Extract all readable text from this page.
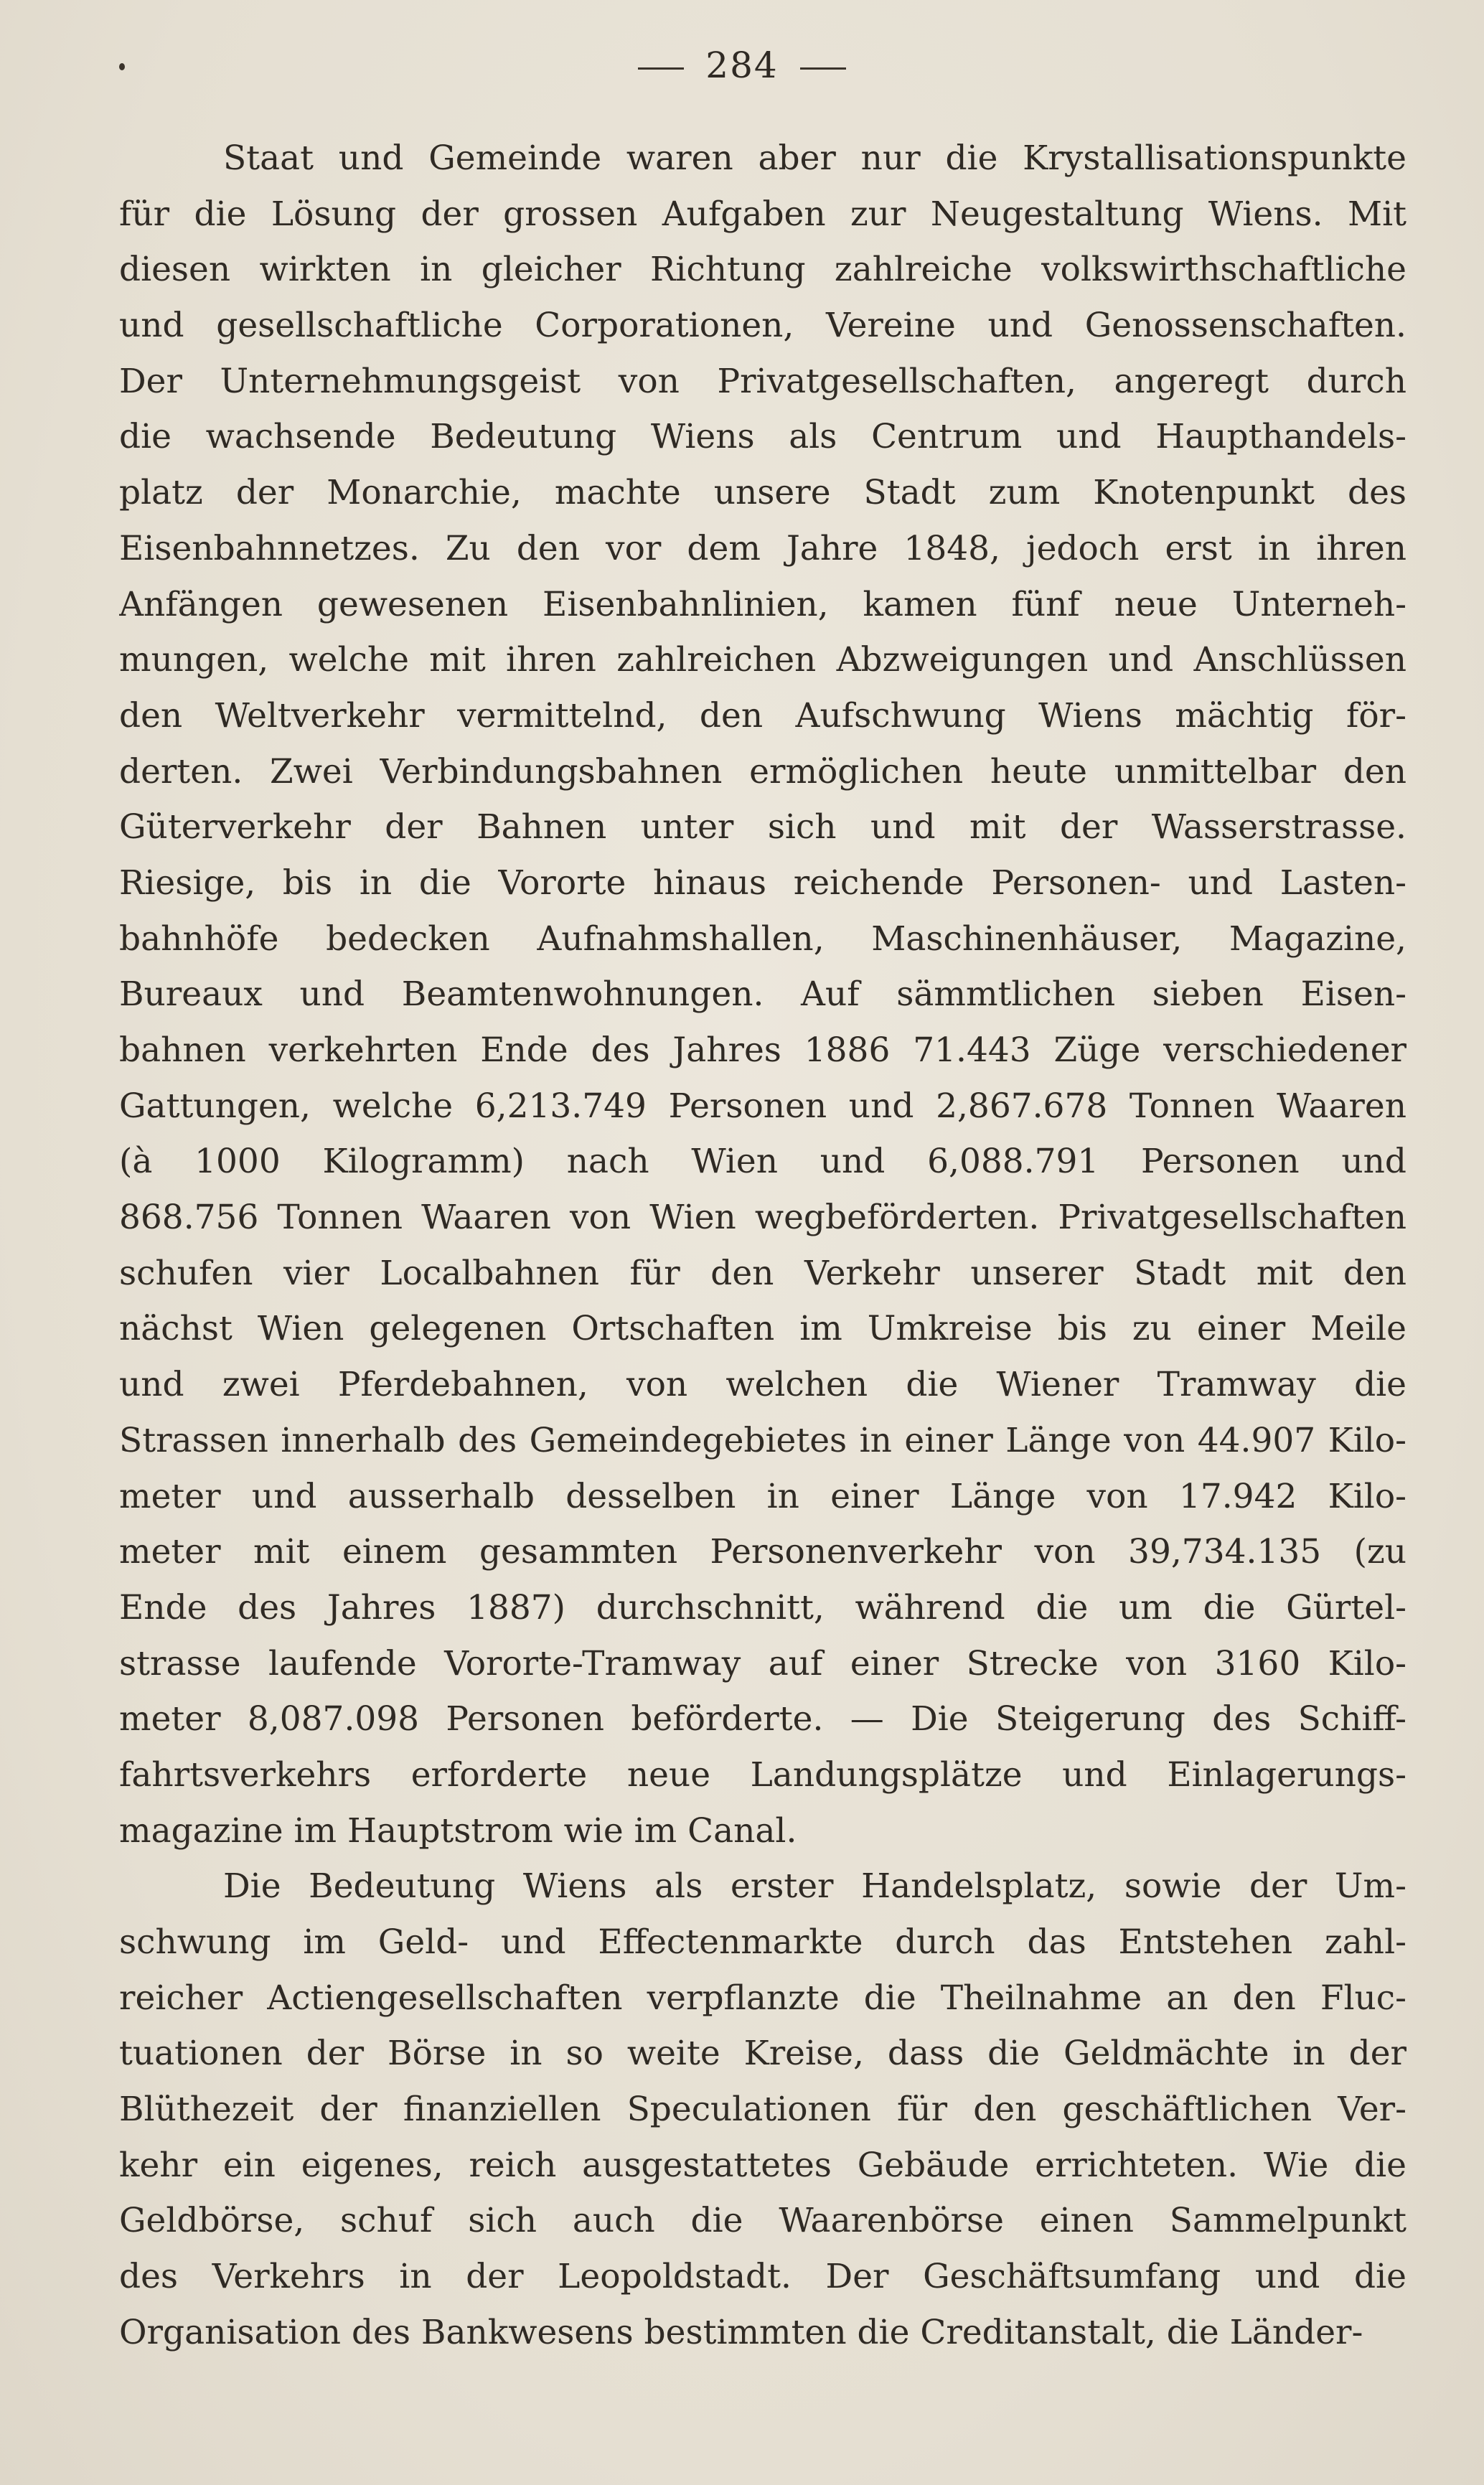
284
Staat und Gemeinde waren aber nur die Krystallisationspunkte
für die Lösung der grossen Aufgaben zur Neugestaltung Wiens. Mit
diesen wirkten in gleicher Richtung zahlreiche volkswirthschaftliche
und gesellschaftliche Corporationen, Vereine und Genossenschaften.
Der Unternehmungsgeist von Privatgesellschaften, angeregt durch
die wachsende Bedeutung Wiens als Centrum und Haupthandels-
platz der Monarchie, machte unsere Stadt zum Knotenpunkt des
Eisenbahnnetzes. Zu den vor dem Jahre 1848, jedoch erst in ihren
Anfängen gewesenen Eisenbahnlinien, kamen fünf neue Unterneh-
mungen, welche mit ihren zahlreichen Abzweigungen und Anschlüssen
den Weltverkehr vermittelnd, den Aufschwung Wiens mächtig för-
derten. Zwei Verbindungsbahnen ermöglichen heute unmittelbar den
Güterverkehr der Bahnen unter sich und mit der Wasserstrasse.
Riesige, bis in die Vororte hinaus reichende Personen- und Lasten-
bahnhöfe bedecken Aufnahmshallen, Maschinenhäuser, Magazine,
Bureaux und Beamtenwohnungen. Auf sämmtlichen sieben Eisen-
bahnen verkehrten Ende des Jahres 1886 71.443 Züge verschiedener
Gattungen, welche 6,213.749 Personen und 2,867.678 Tonnen Waaren
(à 1000 Kilogramm) nach Wien und 6,088.791 Personen und
868.756 Tonnen Waaren von Wien wegbeförderten. Privatgesellschaften
schufen vier Localbahnen für den Verkehr unserer Stadt mit den
nächst Wien gelegenen Ortschaften im Umkreise bis zu einer Meile
und zwei Pferdebahnen, von welchen die Wiener Tramway die
Strassen innerhalb des Gemeindegebietes in einer Länge von 44.907 Kilo-
meter und ausserhalb desselben in einer Länge von 17.942 Kilo-
meter mit einem gesammten Personenverkehr von 39,734.135 (zu
Ende des Jahres 1887) durchschnitt, während die um die Gürtel-
strasse laufende Vororte-Tramway auf einer Strecke von 3160 Kilo-
meter 8,087.098 Personen beförderte. — Die Steigerung des Schiff-
fahrtsverkehrs erforderte neue Landungsplätze und Einlagerungs-
magazine im Hauptstrom wie im Canal.
Die Bedeutung Wiens als erster Handelsplatz, sowie der Um-
schwung im Geld- und Effectenmarkte durch das Entstehen zahl-
reicher Actiengesellschaften verpflanzte die Theilnahme an den Fluc-
tuationen der Börse in so weite Kreise, dass die Geldmächte in der
Blüthezeit der finanziellen Speculationen für den geschäftlichen Ver-
kehr ein eigenes, reich ausgestattetes Gebäude errichteten. Wie die
Geldbörse, schuf sich auch die Waarenbörse einen Sammelpunkt
des Verkehrs in der Leopoldstadt. Der Geschäftsumfang und die
Organisation des Bankwesens bestimmten die Creditanstalt, die Länder-
